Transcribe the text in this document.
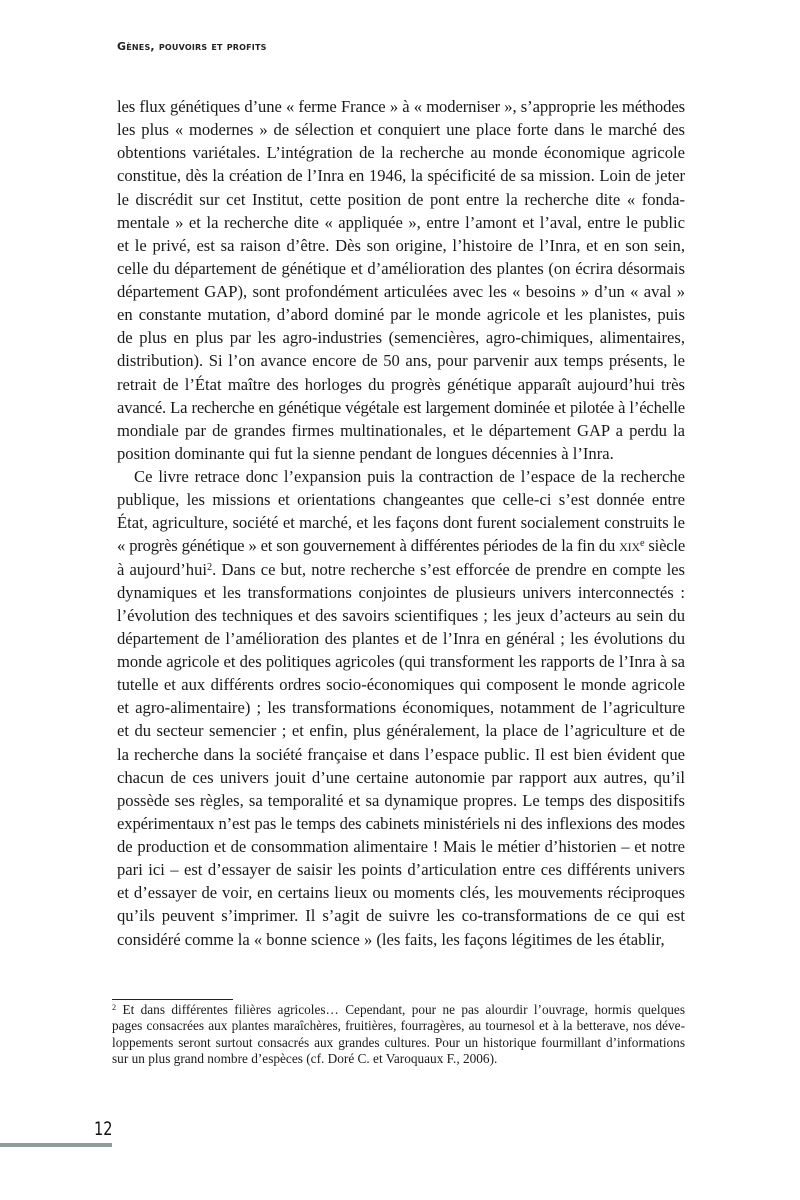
Gènes, pouvoirs et profits
les flux génétiques d’une « ferme France » à « moderniser », s’approprie les méthodes
les plus « modernes » de sélection et conquiert une place forte dans le marché des
obtentions variétales. L’intégration de la recherche au monde économique agricole
constitue, dès la création de l’Inra en 1946, la spécificité de sa mission. Loin de jeter
le discrédit sur cet Institut, cette position de pont entre la recherche dite « fonda-
mentale » et la recherche dite « appliquée », entre l’amont et l’aval, entre le public
et le privé, est sa raison d’être. Dès son origine, l’histoire de l’Inra, et en son sein,
celle du département de génétique et d’amélioration des plantes (on écrira désormais
département GAP), sont profondément articulées avec les « besoins » d’un « aval »
en constante mutation, d’abord dominé par le monde agricole et les planistes, puis
de plus en plus par les agro-industries (semencières, agro-chimiques, alimentaires,
distribution). Si l’on avance encore de 50 ans, pour parvenir aux temps présents, le
retrait de l’État maître des horloges du progrès génétique apparaît aujourd’hui très
avancé. La recherche en génétique végétale est largement dominée et pilotée à l’échelle
mondiale par de grandes firmes multinationales, et le département GAP a perdu la
position dominante qui fut la sienne pendant de longues décennies à l’Inra.
Ce livre retrace donc l’expansion puis la contraction de l’espace de la recherche
publique, les missions et orientations changeantes que celle-ci s’est donnée entre
État, agriculture, société et marché, et les façons dont furent socialement construits le
« progrès génétique » et son gouvernement à différentes périodes de la fin du xix$^e$ siècle
à aujourd’hui$^2$. Dans ce but, notre recherche s’est efforcée de prendre en compte les
dynamiques et les transformations conjointes de plusieurs univers interconnectés :
l’évolution des techniques et des savoirs scientifiques ; les jeux d’acteurs au sein du
département de l’amélioration des plantes et de l’Inra en général ; les évolutions du
monde agricole et des politiques agricoles (qui transforment les rapports de l’Inra à sa
tutelle et aux différents ordres socio-économiques qui composent le monde agricole
et agro-alimentaire) ; les transformations économiques, notamment de l’agriculture
et du secteur semencier ; et enfin, plus généralement, la place de l’agriculture et de
la recherche dans la société française et dans l’espace public. Il est bien évident que
chacun de ces univers jouit d’une certaine autonomie par rapport aux autres, qu’il
possède ses règles, sa temporalité et sa dynamique propres. Le temps des dispositifs
expérimentaux n’est pas le temps des cabinets ministériels ni des inflexions des modes
de production et de consommation alimentaire ! Mais le métier d’historien – et notre
pari ici – est d’essayer de saisir les points d’articulation entre ces différents univers
et d’essayer de voir, en certains lieux ou moments clés, les mouvements réciproques
qu’ils peuvent s’imprimer. Il s’agit de suivre les co-transformations de ce qui est
considéré comme la « bonne science » (les faits, les façons légitimes de les établir,
$^2$ Et dans différentes filières agricoles… Cependant, pour ne pas alourdir l’ouvrage, hormis quelques
pages consacrées aux plantes maraîchères, fruitières, fourragères, au tournesol et à la betterave, nos déve-
loppements seront surtout consacrés aux grandes cultures. Pour un historique fourmillant d’informations
sur un plus grand nombre d’espèces (cf. Doré C. et Varoquaux F., 2006).
12
